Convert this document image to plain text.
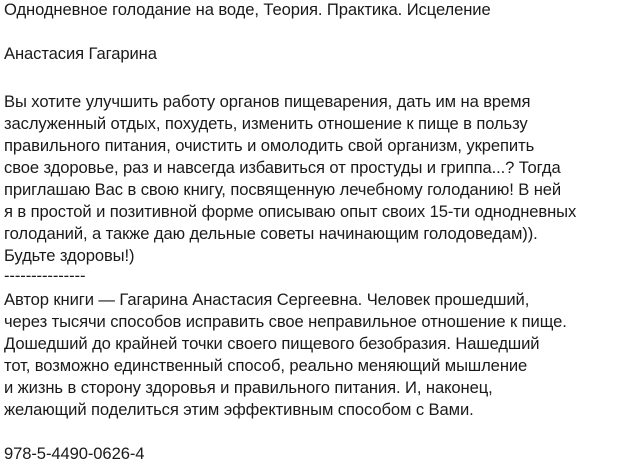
Однодневное голодание на воде, Теория. Практика. Исцеление
Анастасия Гагарина
Вы хотите улучшить работу органов пищеварения, дать им на время
заслуженный отдых, похудеть, изменить отношение к пище в пользу
правильного питания, очистить и омолодить свой организм, укрепить
свое здоровье, раз и навсегда избавиться от простуды и гриппа...? Тогда
приглашаю Вас в свою книгу, посвященную лечебному голоданию! В ней
я в простой и позитивной форме описываю опыт своих 15-ти однодневных
голоданий, а также даю дельные советы начинающим голодоведам)).
Будьте здоровы!)
---------------
Автор книги — Гагарина Анастасия Сергеевна. Человек прошедший,
через тысячи способов исправить свое неправильное отношение к пище.
Дошедший до крайней точки своего пищевого безобразия. Нашедший
тот, возможно единственный способ, реально меняющий мышление
и жизнь в сторону здоровья и правильного питания. И, наконец,
желающий поделиться этим эффективным способом с Вами.
978-5-4490-0626-4
